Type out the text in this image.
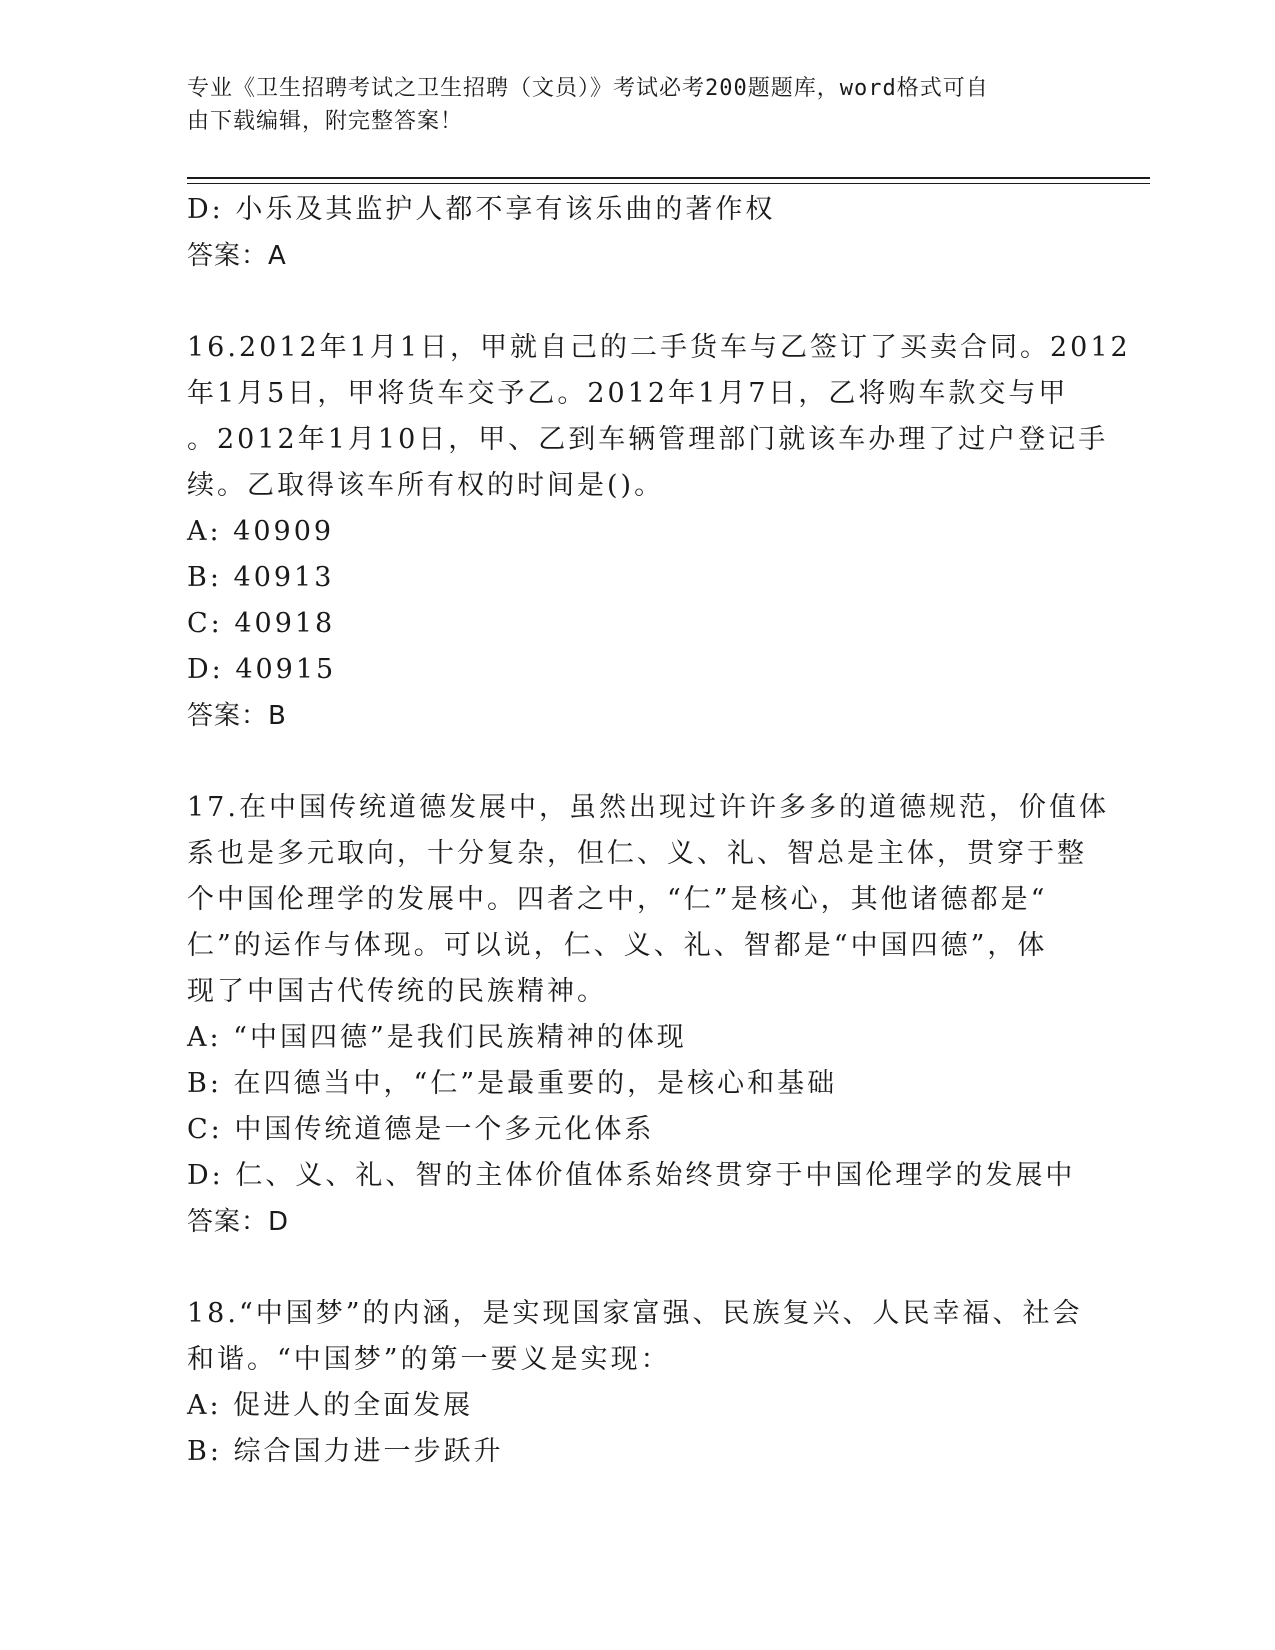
专业《卫生招聘考试之卫生招聘（文员）》考试必考200题题库，word格式可自
由下载编辑，附完整答案！
D: 小乐及其监护人都不享有该乐曲的著作权
答案：A
16.2012年1月1日，甲就自己的二手货车与乙签订了买卖合同。2012
年1月5日，甲将货车交予乙。2012年1月7日，乙将购车款交与甲
。2012年1月10日，甲、乙到车辆管理部门就该车办理了过户登记手
续。乙取得该车所有权的时间是()。
A: 40909
B: 40913
C: 40918
D: 40915
答案：B
17.在中国传统道德发展中，虽然出现过许许多多的道德规范，价值体
系也是多元取向，十分复杂，但仁、义、礼、智总是主体，贯穿于整
个中国伦理学的发展中。四者之中，“仁”是核心，其他诸德都是“
仁”的运作与体现。可以说，仁、义、礼、智都是“中国四德”，体
现了中国古代传统的民族精神。
A: “中国四德”是我们民族精神的体现
B: 在四德当中，“仁”是最重要的，是核心和基础
C: 中国传统道德是一个多元化体系
D: 仁、义、礼、智的主体价值体系始终贯穿于中国伦理学的发展中
答案：D
18.“中国梦”的内涵，是实现国家富强、民族复兴、人民幸福、社会
和谐。“中国梦”的第一要义是实现：
A: 促进人的全面发展
B: 综合国力进一步跃升
